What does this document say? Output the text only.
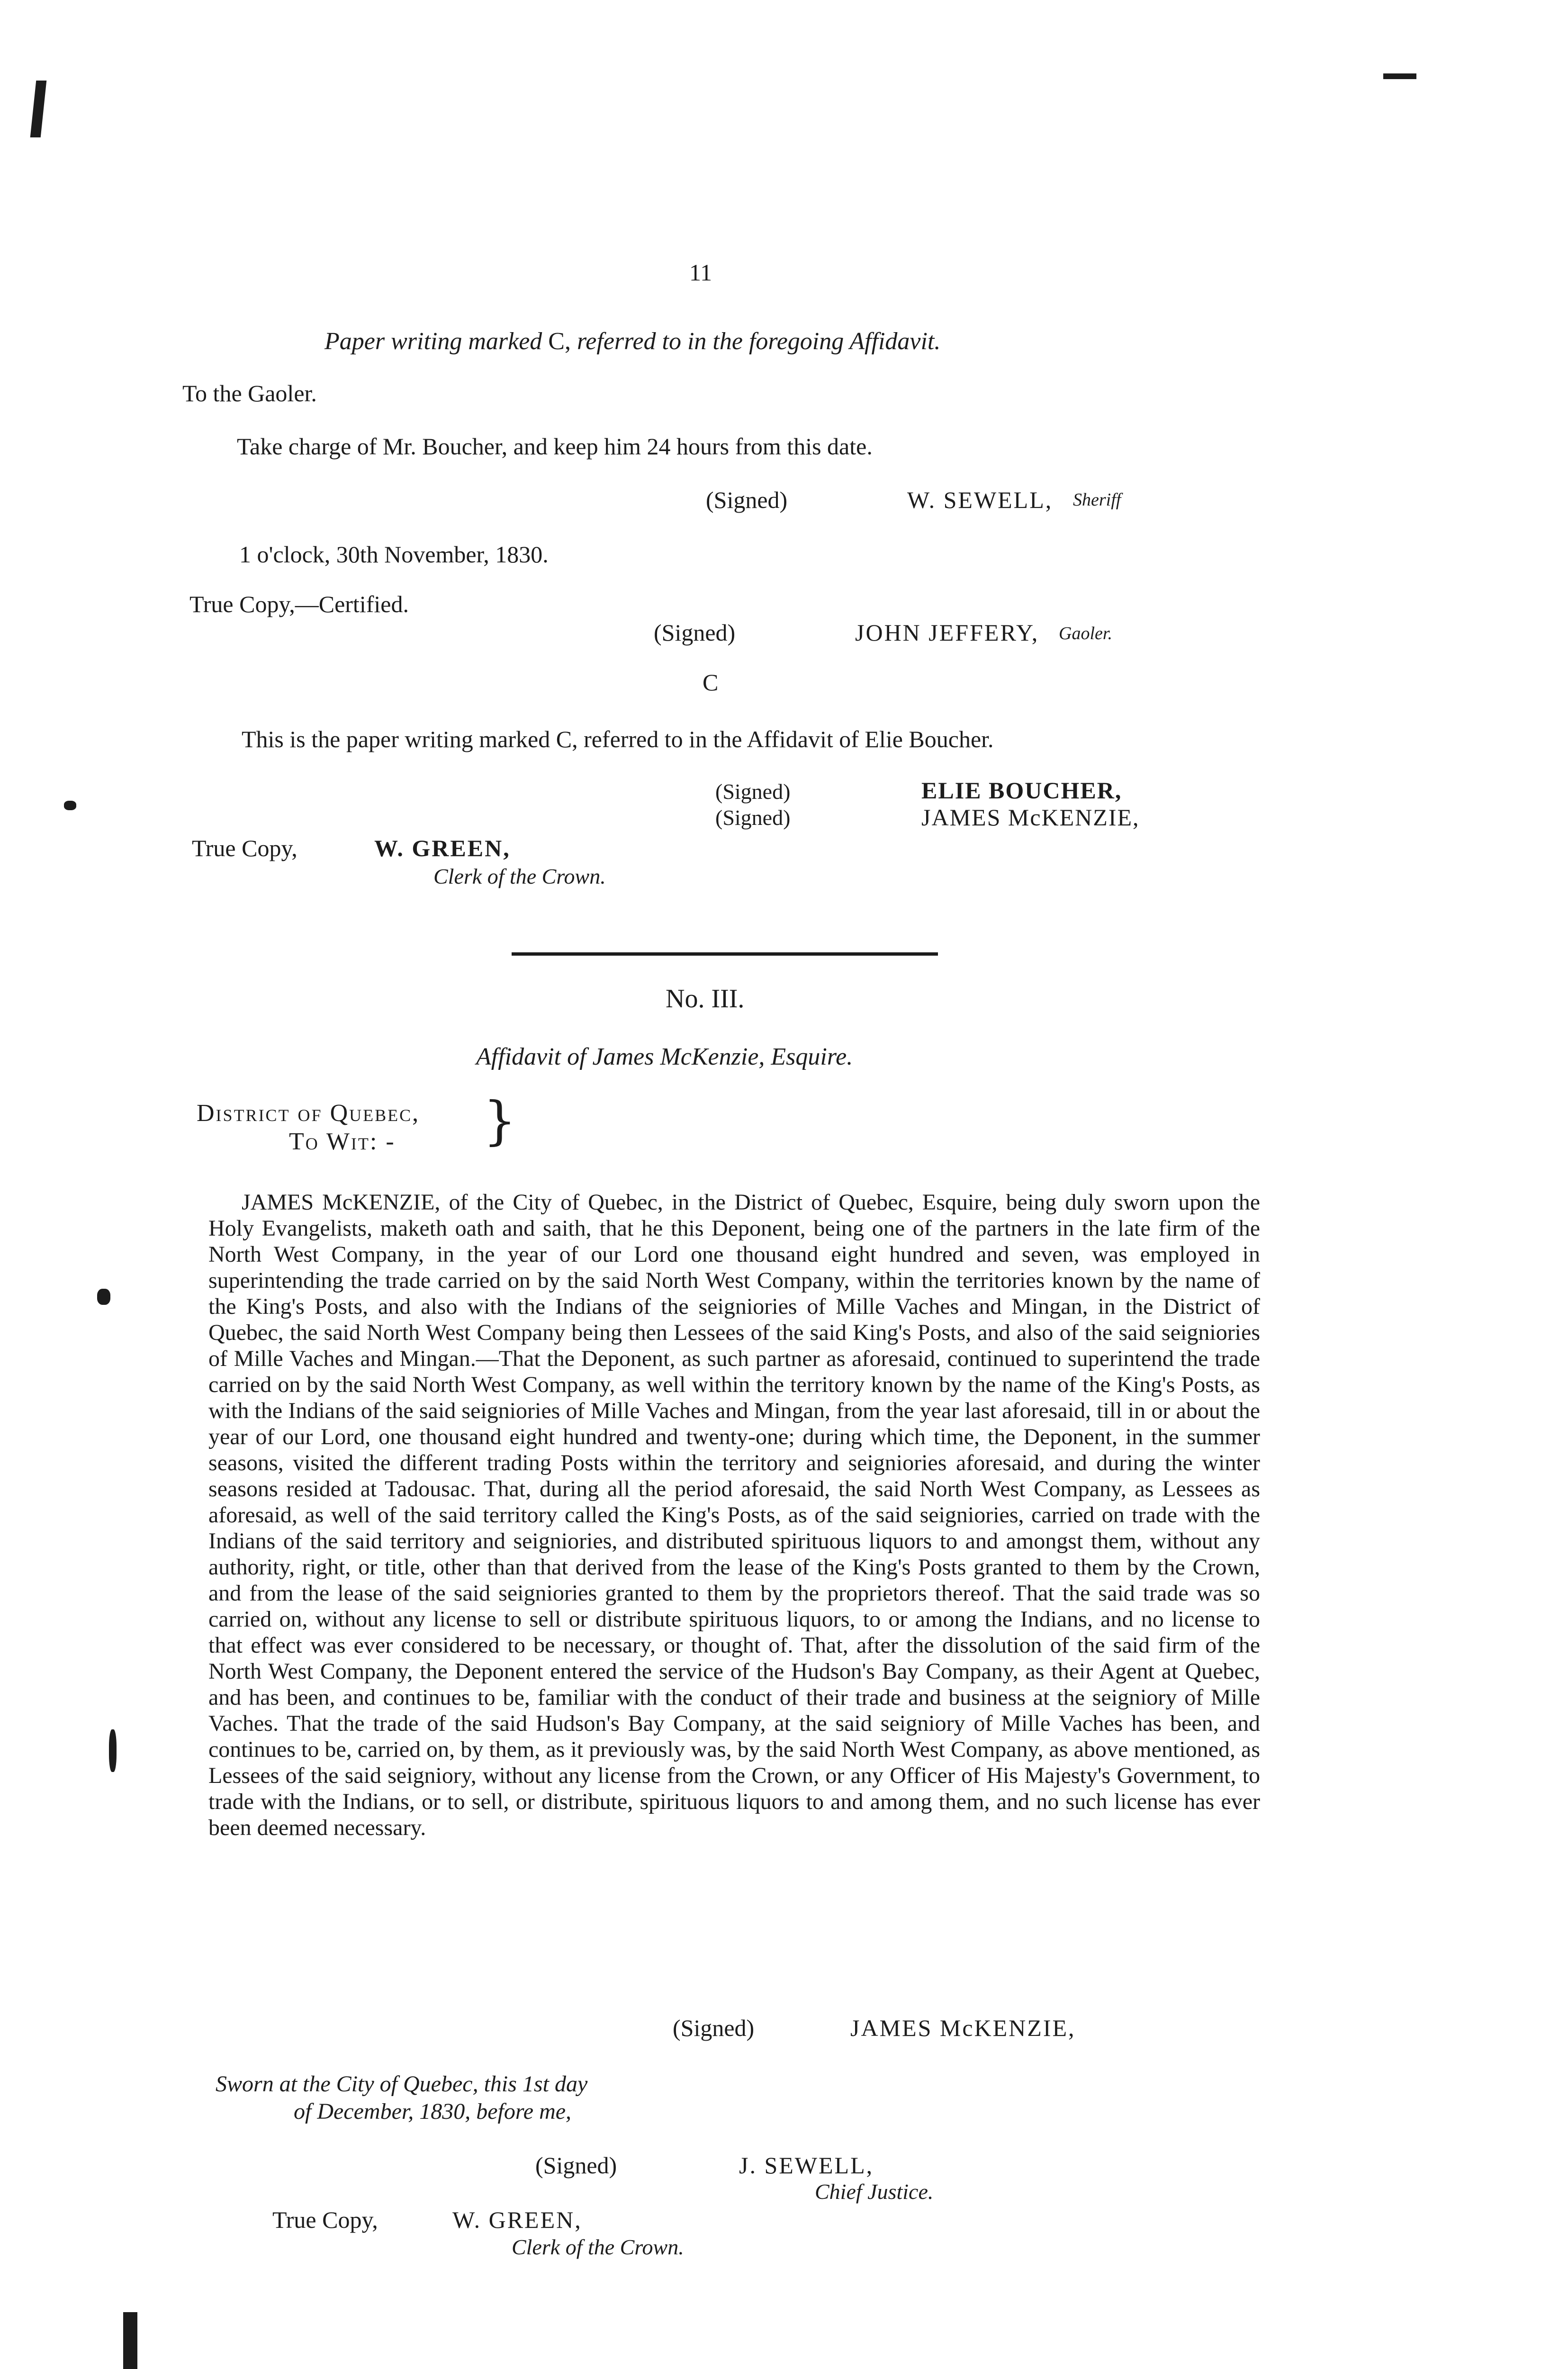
11
Paper writing marked C, referred to in the foregoing Affidavit.
To the Gaoler.
Take charge of Mr. Boucher, and keep him 24 hours from this date.
(Signed)	W. SEWELL, Sheriff
1 o'clock, 30th November, 1830.
True Copy,—Certified.
(Signed)	JOHN JEFFERY, Gaoler.
C
This is the paper writing marked C, referred to in the Affidavit of Elie Boucher.
(Signed)	ELIE BOUCHER,
(Signed)	JAMES McKENZIE,
True Copy,	W. GREEN,
Clerk of the Crown.
No. III.
Affidavit of James McKenzie, Esquire.
District of Quebec,
To Wit: - }
JAMES McKENZIE, of the City of Quebec, in the District of Quebec, Esquire, being duly sworn upon the Holy Evangelists, maketh oath and saith, that he this Deponent, being one of the partners in the late firm of the North West Company, in the year of our Lord one thousand eight hundred and seven, was employed in superintending the trade carried on by the said North West Company, within the territories known by the name of the King's Posts, and also with the Indians of the seigniories of Mille Vaches and Mingan, in the District of Quebec, the said North West Company being then Lessees of the said King's Posts, and also of the said seigniories of Mille Vaches and Mingan.—That the Deponent, as such partner as aforesaid, continued to superintend the trade carried on by the said North West Company, as well within the territory known by the name of the King's Posts, as with the Indians of the said seigniories of Mille Vaches and Mingan, from the year last aforesaid, till in or about the year of our Lord, one thousand eight hundred and twenty-one; during which time, the Deponent, in the summer seasons, visited the different trading Posts within the territory and seigniories aforesaid, and during the winter seasons resided at Tadousac. That, during all the period aforesaid, the said North West Company, as Lessees as aforesaid, as well of the said territory called the King's Posts, as of the said seigniories, carried on trade with the Indians of the said territory and seigniories, and distributed spirituous liquors to and amongst them, without any authority, right, or title, other than that derived from the lease of the King's Posts granted to them by the Crown, and from the lease of the said seigniories granted to them by the proprietors thereof. That the said trade was so carried on, without any license to sell or distribute spirituous liquors, to or among the Indians, and no license to that effect was ever considered to be necessary, or thought of. That, after the dissolution of the said firm of the North West Company, the Deponent entered the service of the Hudson's Bay Company, as their Agent at Quebec, and has been, and continues to be, familiar with the conduct of their trade and business at the seigniory of Mille Vaches. That the trade of the said Hudson's Bay Company, at the said seigniory of Mille Vaches has been, and continues to be, carried on, by them, as it previously was, by the said North West Company, as above mentioned, as Lessees of the said seigniory, without any license from the Crown, or any Officer of His Majesty's Government, to trade with the Indians, or to sell, or distribute, spirituous liquors to and among them, and no such license has ever been deemed necessary.
(Signed)	JAMES McKENZIE,
Sworn at the City of Quebec, this 1st day
of December, 1830, before me,
(Signed)	J. SEWELL,
Chief Justice.
True Copy,	W. GREEN,
Clerk of the Crown.
